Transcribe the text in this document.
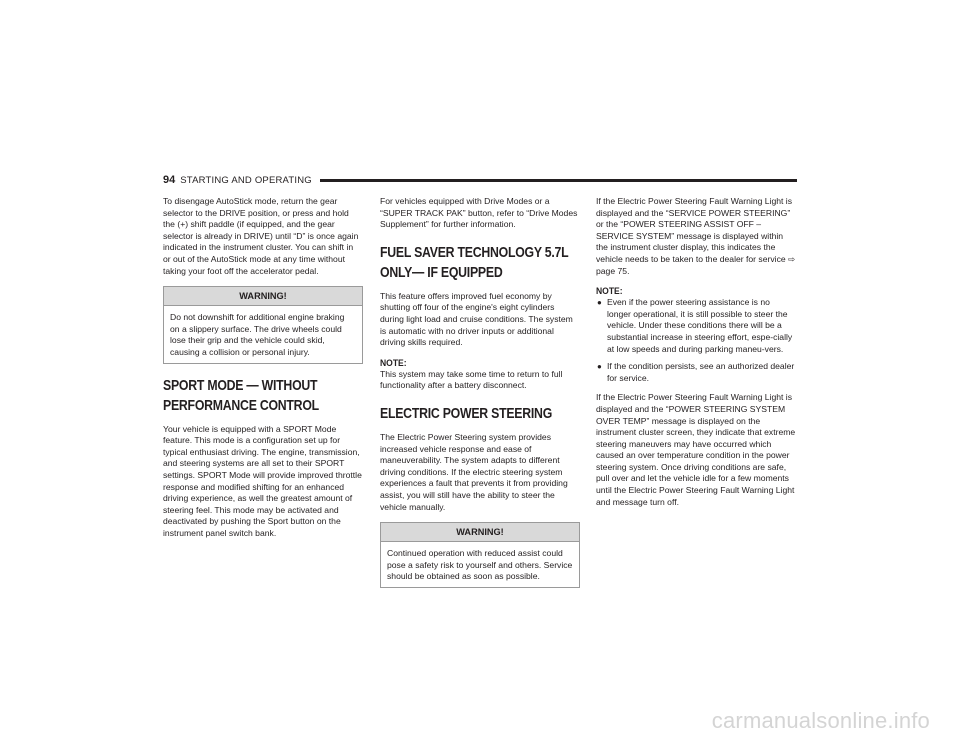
94 STARTING AND OPERATING

To disengage AutoStick mode, return the gear selector to the DRIVE position, or press and hold the (+) shift paddle (if equipped, and the gear selector is already in DRIVE) until “D” is once again indicated in the instrument cluster. You can shift in or out of the AutoStick mode at any time without taking your foot off the accelerator pedal.

WARNING!
Do not downshift for additional engine braking on a slippery surface. The drive wheels could lose their grip and the vehicle could skid, causing a collision or personal injury.
SPORT MODE — WITHOUT PERFORMANCE CONTROL

Your vehicle is equipped with a SPORT Mode feature. This mode is a configuration set up for typical enthusiast driving. The engine, transmission, and steering systems are all set to their SPORT settings. SPORT Mode will provide improved throttle response and modified shifting for an enhanced driving experience, as well the greatest amount of steering feel. This mode may be activated and deactivated by pushing the Sport button on the instrument panel switch bank.

For vehicles equipped with Drive Modes or a “SUPER TRACK PAK” button, refer to “Drive Modes Supplement” for further information.

FUEL SAVER TECHNOLOGY 5.7L ONLY— IF EQUIPPED

This feature offers improved fuel economy by shutting off four of the engine's eight cylinders during light load and cruise conditions. The system is automatic with no driver inputs or additional driving skills required.

NOTE:

This system may take some time to return to full functionality after a battery disconnect.

ELECTRIC POWER STEERING

The Electric Power Steering system provides increased vehicle response and ease of maneuverability. The system adapts to different driving conditions. If the electric steering system experiences a fault that prevents it from providing assist, you will still have the ability to steer the vehicle manually.

WARNING!
Continued operation with reduced assist could pose a safety risk to yourself and others. Service should be obtained as soon as possible.

If the Electric Power Steering Fault Warning Light is displayed and the “SERVICE POWER STEERING” or the “POWER STEERING ASSIST OFF – SERVICE SYSTEM” message is displayed within the instrument cluster display, this indicates the vehicle needs to be taken to the dealer for service ⇨ page 75.

NOTE:
● Even if the power steering assistance is no longer operational, it is still possible to steer the vehicle. Under these conditions there will be a substantial increase in steering effort, espe-cially at low speeds and during parking maneu-vers.
● If the condition persists, see an authorized dealer for service.

If the Electric Power Steering Fault Warning Light is displayed and the “POWER STEERING SYSTEM OVER TEMP” message is displayed on the instrument cluster screen, they indicate that extreme steering maneuvers may have occurred which caused an over temperature condition in the power steering system. Once driving conditions are safe, pull over and let the vehicle idle for a few moments until the Electric Power Steering Fault Warning Light and message turn off.

carmanualsonline.info
